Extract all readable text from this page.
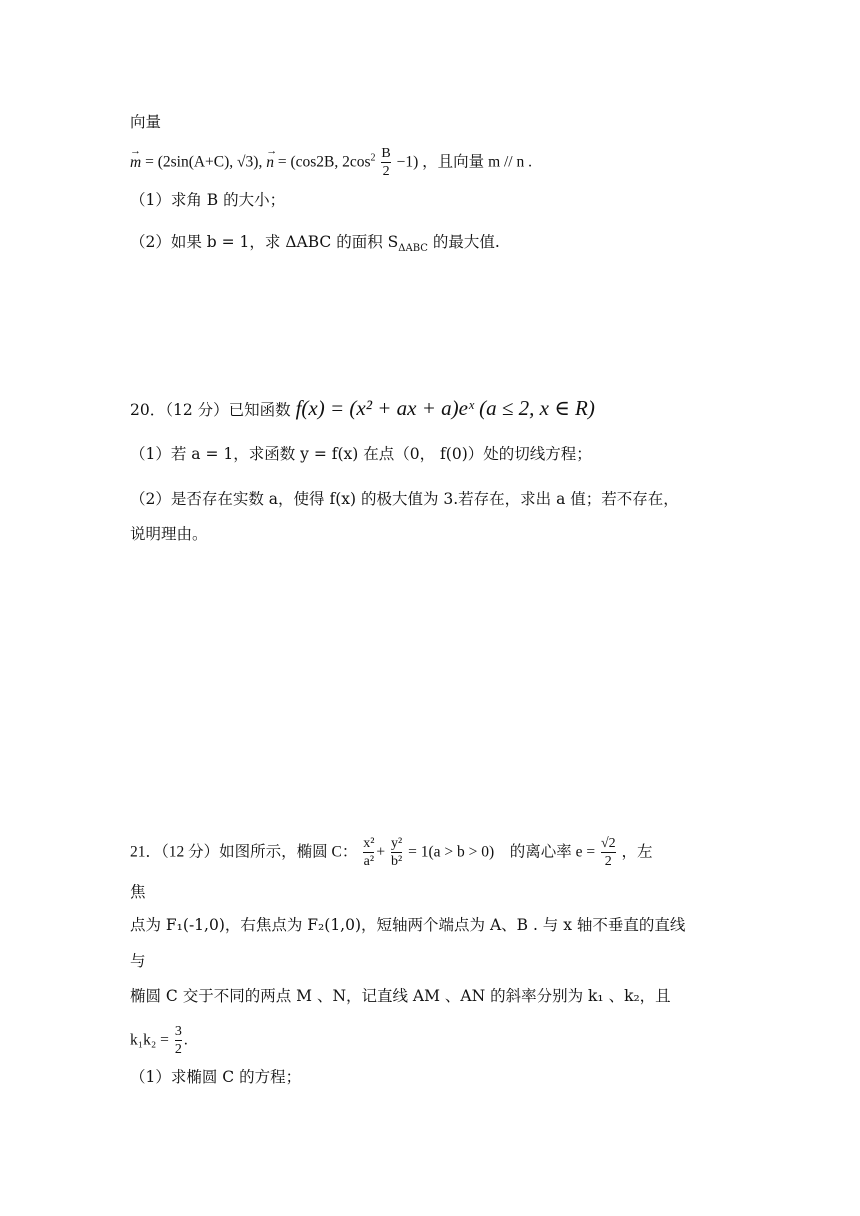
向量
→ m = (2sin(A+C), √3), → n = (cos2B, $2\cos^2 \frac{B}{2} -1$) ，且向量 m // n .
（1）求角 B 的大小；
（2）如果 b = 1，求 ΔABC 的面积 $S_{\Delta ABC}$ 的最大值.
20．（12 分）已知函数 f(x) = (x² + ax + a)eˣ (a ≤ 2, x ∈ R)
（1）若 a = 1，求函数 y = f(x) 在点（0， f(0)）处的切线方程；
（2）是否存在实数 a，使得 f(x) 的极大值为 3.若存在，求出 a 值；若不存在，
说明理由。
21．（12 分）如图所示，椭圆 C： $\frac{\text{x²}}{\text{a²}} + \frac{\text{y²}}{\text{b²}} = 1(a > b > 0)$ 的离心率 $e = \frac{√2}{2}$ ，左
焦
点为 F₁(-1,0)，右焦点为 F₂(1,0)，短轴两个端点为 A、B . 与 x 轴不垂直的直线
与
椭圆 C 交于不同的两点 M 、N，记直线 AM 、AN 的斜率分别为 k₁ 、k₂，且
$k_1k_2 = \frac{3}{2}$ .
（1）求椭圆 C 的方程；
